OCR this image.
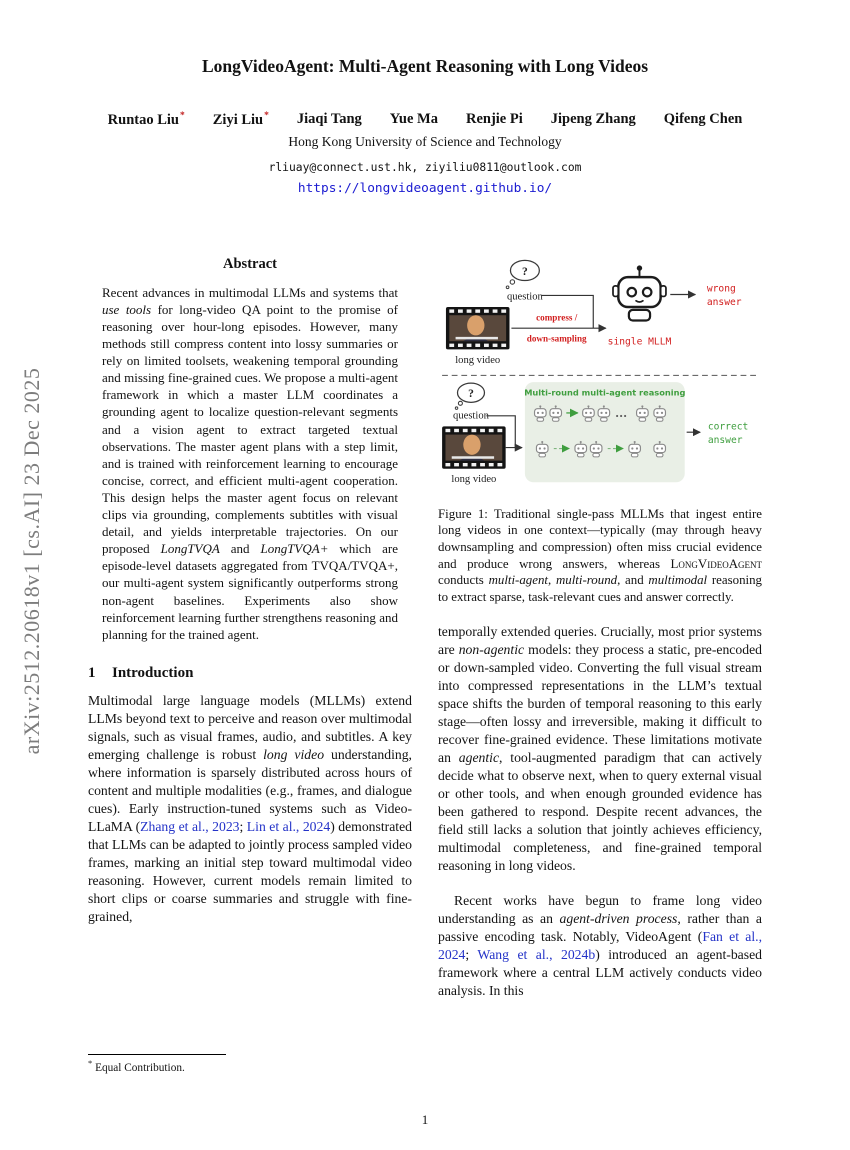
arXiv:2512.20618v1 [cs.AI] 23 Dec 2025
LongVideoAgent: Multi-Agent Reasoning with Long Videos
Runtao Liu* Ziyi Liu* Jiaqi Tang Yue Ma Renjie Pi Jipeng Zhang Qifeng Chen
Hong Kong University of Science and Technology
rliuay@connect.ust.hk, ziyiliu0811@outlook.com
https://longvideoagent.github.io/
Abstract

Recent advances in multimodal LLMs and systems that use tools for long-video QA point to the promise of reasoning over hour-long episodes. However, many methods still compress content into lossy summaries or rely on limited toolsets, weakening temporal grounding and missing fine-grained cues. We propose a multi-agent framework in which a master LLM coordinates a grounding agent to localize question-relevant segments and a vision agent to extract targeted textual observations. The master agent plans with a step limit, and is trained with reinforcement learning to encourage concise, correct, and efficient multi-agent cooperation. This design helps the master agent focus on relevant clips via grounding, complements subtitles with visual detail, and yields interpretable trajectories. On our proposed LongTVQA and LongTVQA+ which are episode-level datasets aggregated from TVQA/TVQA+, our multi-agent system significantly outperforms strong non-agent baselines. Experiments also show reinforcement learning further strengthens reasoning and planning for the trained agent.

1 Introduction

Multimodal large language models (MLLMs) extend LLMs beyond text to perceive and reason over multimodal signals, such as visual frames, audio, and subtitles. A key emerging challenge is robust long video understanding, where information is sparsely distributed across hours of content and multiple modalities (e.g., frames, and dialogue cues). Early instruction-tuned systems such as Video-LLaMA (Zhang et al., 2023; Lin et al., 2024) demonstrated that LLMs can be adapted to jointly process sampled video frames, marking an initial step toward multimodal video reasoning. However, current models remain limited to short clips or coarse summaries and struggle with fine-grained,

* Equal Contribution.
?
question
long video
compress /
down-sampling single MLLM
wrong
answer
?
question
long video
Multi-round multi-agent reasoning
...
correct
answer
Figure 1: Traditional single-pass MLLMs that ingest entire long videos in one context—typically (may through heavy downsampling and compression) often miss crucial evidence and produce wrong answers, whereas LongVideoAgent conducts multi-agent, multi-round, and multimodal reasoning to extract sparse, task-relevant cues and answer correctly.

temporally extended queries. Crucially, most prior systems are non-agentic models: they process a static, pre-encoded or down-sampled video. Converting the full visual stream into compressed representations in the LLM’s textual space shifts the burden of temporal reasoning to this early stage—often lossy and irreversible, making it difficult to recover fine-grained evidence. These limitations motivate an agentic, tool-augmented paradigm that can actively decide what to observe next, when to query external visual or other tools, and when enough grounded evidence has been gathered to respond. Despite recent advances, the field still lacks a solution that jointly achieves efficiency, multimodal completeness, and fine-grained temporal reasoning in long videos.

Recent works have begun to frame long video understanding as an agent-driven process, rather than a passive encoding task. Notably, VideoAgent (Fan et al., 2024; Wang et al., 2024b) introduced an agent-based framework where a central LLM actively conducts video analysis. In this

1
